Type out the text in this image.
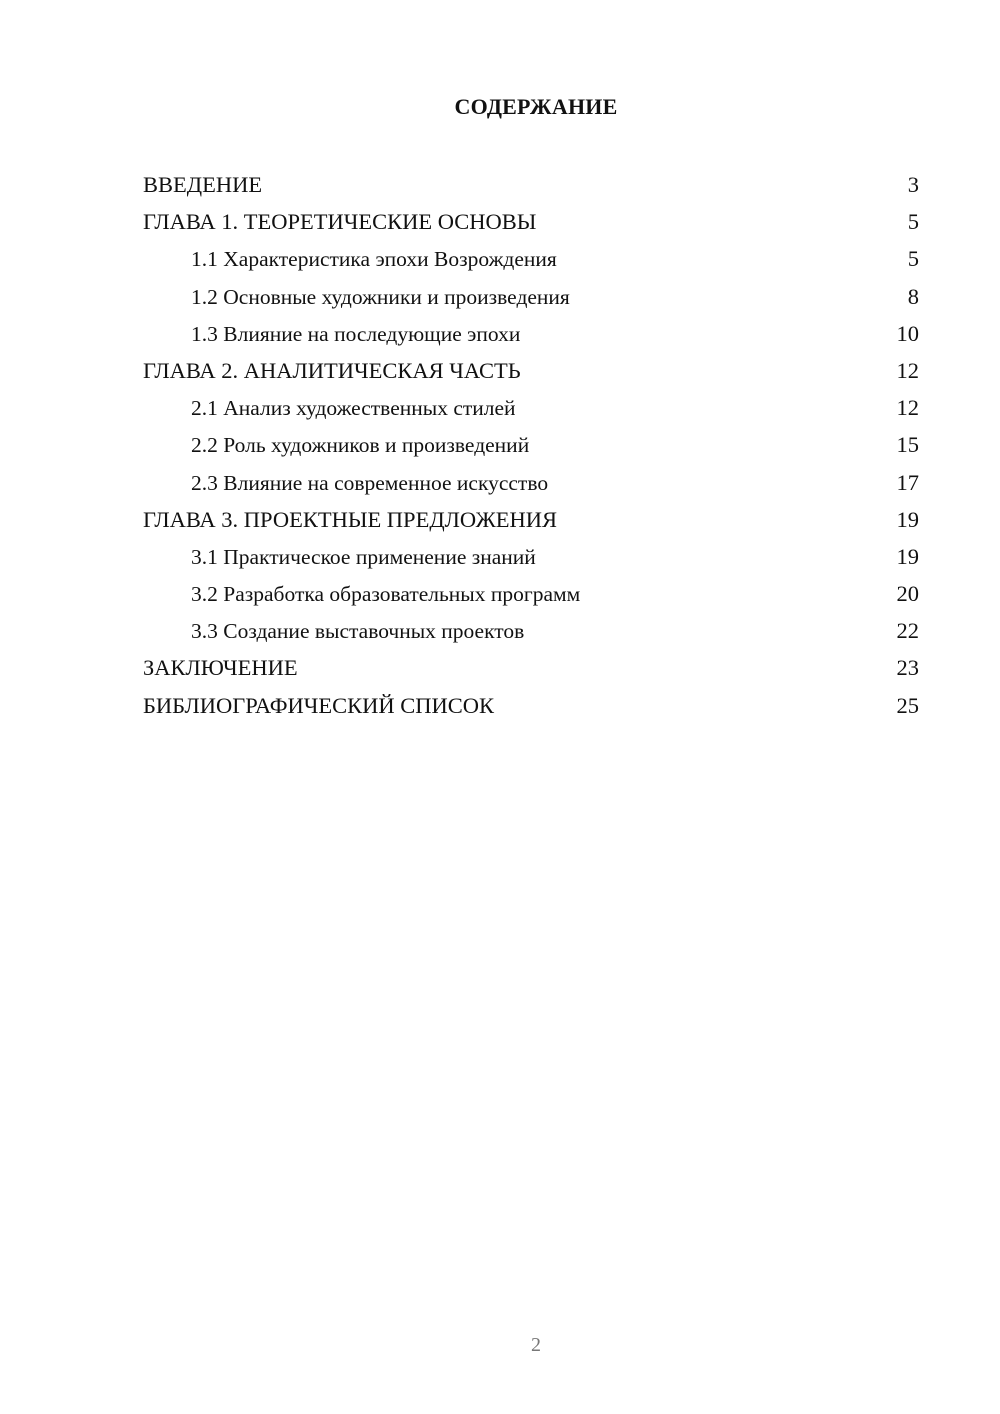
СОДЕРЖАНИЕ
ВВЕДЕНИЕ	3
ГЛАВА 1. ТЕОРЕТИЧЕСКИЕ ОСНОВЫ	5
1.1 Характеристика эпохи Возрождения	5
1.2 Основные художники и произведения	8
1.3 Влияние на последующие эпохи	10
ГЛАВА 2. АНАЛИТИЧЕСКАЯ ЧАСТЬ	12
2.1 Анализ художественных стилей	12
2.2 Роль художников и произведений	15
2.3 Влияние на современное искусство	17
ГЛАВА 3. ПРОЕКТНЫЕ ПРЕДЛОЖЕНИЯ	19
3.1 Практическое применение знаний	19
3.2 Разработка образовательных программ	20
3.3 Создание выставочных проектов	22
ЗАКЛЮЧЕНИЕ	23
БИБЛИОГРАФИЧЕСКИЙ СПИСОК	25
2
